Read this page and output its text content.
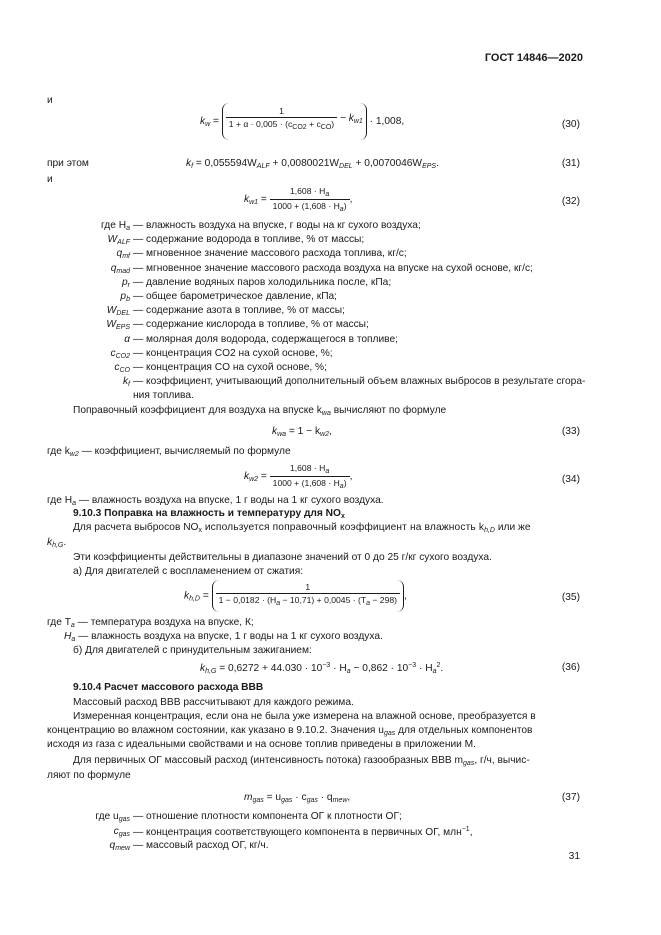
ГОСТ 14846—2020
и
$k_w$ =
1
$1 + \alpha \cdot 0,005 \cdot (c_{CO2} + c_{CO}) - k_{w1} \cdot 1,008$,	(30)
при этом	$k_f = 0,055594W_{ALF} + 0,0080021W_{DEL} + 0,0070046W_{EPS}$.	(31)
и
$k_{w1} = \frac{1,608 \cdot H_a}{1000 + (1,608 \cdot H_a)}$ ,	(32)
где $H_a$ — влажность воздуха на впуске, г воды на кг сухого воздуха;
$W_{ALF}$ — содержание водорода в топливе, % от массы;
$q_{mf}$ — мгновенное значение массового расхода топлива, кг/с;
$q_{mad}$ — мгновенное значение массового расхода воздуха на впуске на сухой основе, кг/с;
$p_r$ — давление водяных паров холодильника после, кПа;
$p_b$ — общее барометрическое давление, кПа;
$W_{DEL}$ — содержание азота в топливе, % от массы;
$W_{EPS}$ — содержание кислорода в топливе, % от массы;
α — молярная доля водорода, содержащегося в топливе;
$c_{CO2}$ — концентрация CO2 на сухой основе, %;
$c_{CO}$ — концентрация CO на сухой основе, %;
$k_f$ — коэффициент, учитывающий дополнительный объем влажных выбросов в результате сгора-
ния топлива.
Поправочный коэффициент для воздуха на впуске $k_{wa}$ вычисляют по формуле
$k_{wa} = 1 - k_{w2}$,	(33)
где $k_{w2}$ — коэффициент, вычисляемый по формуле
$k_{w2} = \frac{1,608 \cdot H_a}{1000 + (1,608 \cdot H_a)}$ ,	(34)
где $H_a$ — влажность воздуха на впуске, 1 г воды на 1 кг сухого воздуха.
9.10.3 Поправка на влажность и температуру для $NO_x$
Для расчета выбросов $NO_x$ используется поправочный коэффициент на влажность $k_{h,D}$ или же
$k_{h,G}$.
Эти коэффициенты действительны в диапазоне значений от 0 до 25 г/кг сухого воздуха.
а) Для двигателей с воспламенением от сжатия:
$k_{h,D} = \frac{1}{1 - 0,0182 \cdot (H_a - 10,71) + 0,0045 \cdot (T_a - 298)}$ ,	(35)
где $T_a$ — температура воздуха на впуске, К;
$H_a$ — влажность воздуха на впуске, 1 г воды на 1 кг сухого воздуха.
б) Для двигателей с принудительным зажиганием:
$k_{h,G} = 0,6272 + 44.030 \cdot 10^{-3} \cdot H_a - 0,862 \cdot 10^{-3} \cdot H_a^2$.	(36)
9.10.4 Расчет массового расхода ВВВ
Массовый расход ВВВ рассчитывают для каждого режима.
Измеренная концентрация, если она не была уже измерена на влажной основе, преобразуется в
концентрацию во влажном состоянии, как указано в 9.10.2. Значения $u_{gas}$ для отдельных компонентов
исходя из газа с идеальными свойствами и на основе топлив приведены в приложении М.
Для первичных ОГ массовый расход (интенсивность потока) газообразных ВВВ $m_{gas}$, г/ч, вычис-
ляют по формуле
$m_{gas} = u_{gas} \cdot c_{gas} \cdot q_{mew}$,	(37)
где $u_{gas}$ — отношение плотности компонента ОГ к плотности ОГ;
$c_{gas}$ — концентрация соответствующего компонента в первичных ОГ, млн$^{-1}$,
$q_{mew}$ — массовый расход ОГ, кг/ч.
31
